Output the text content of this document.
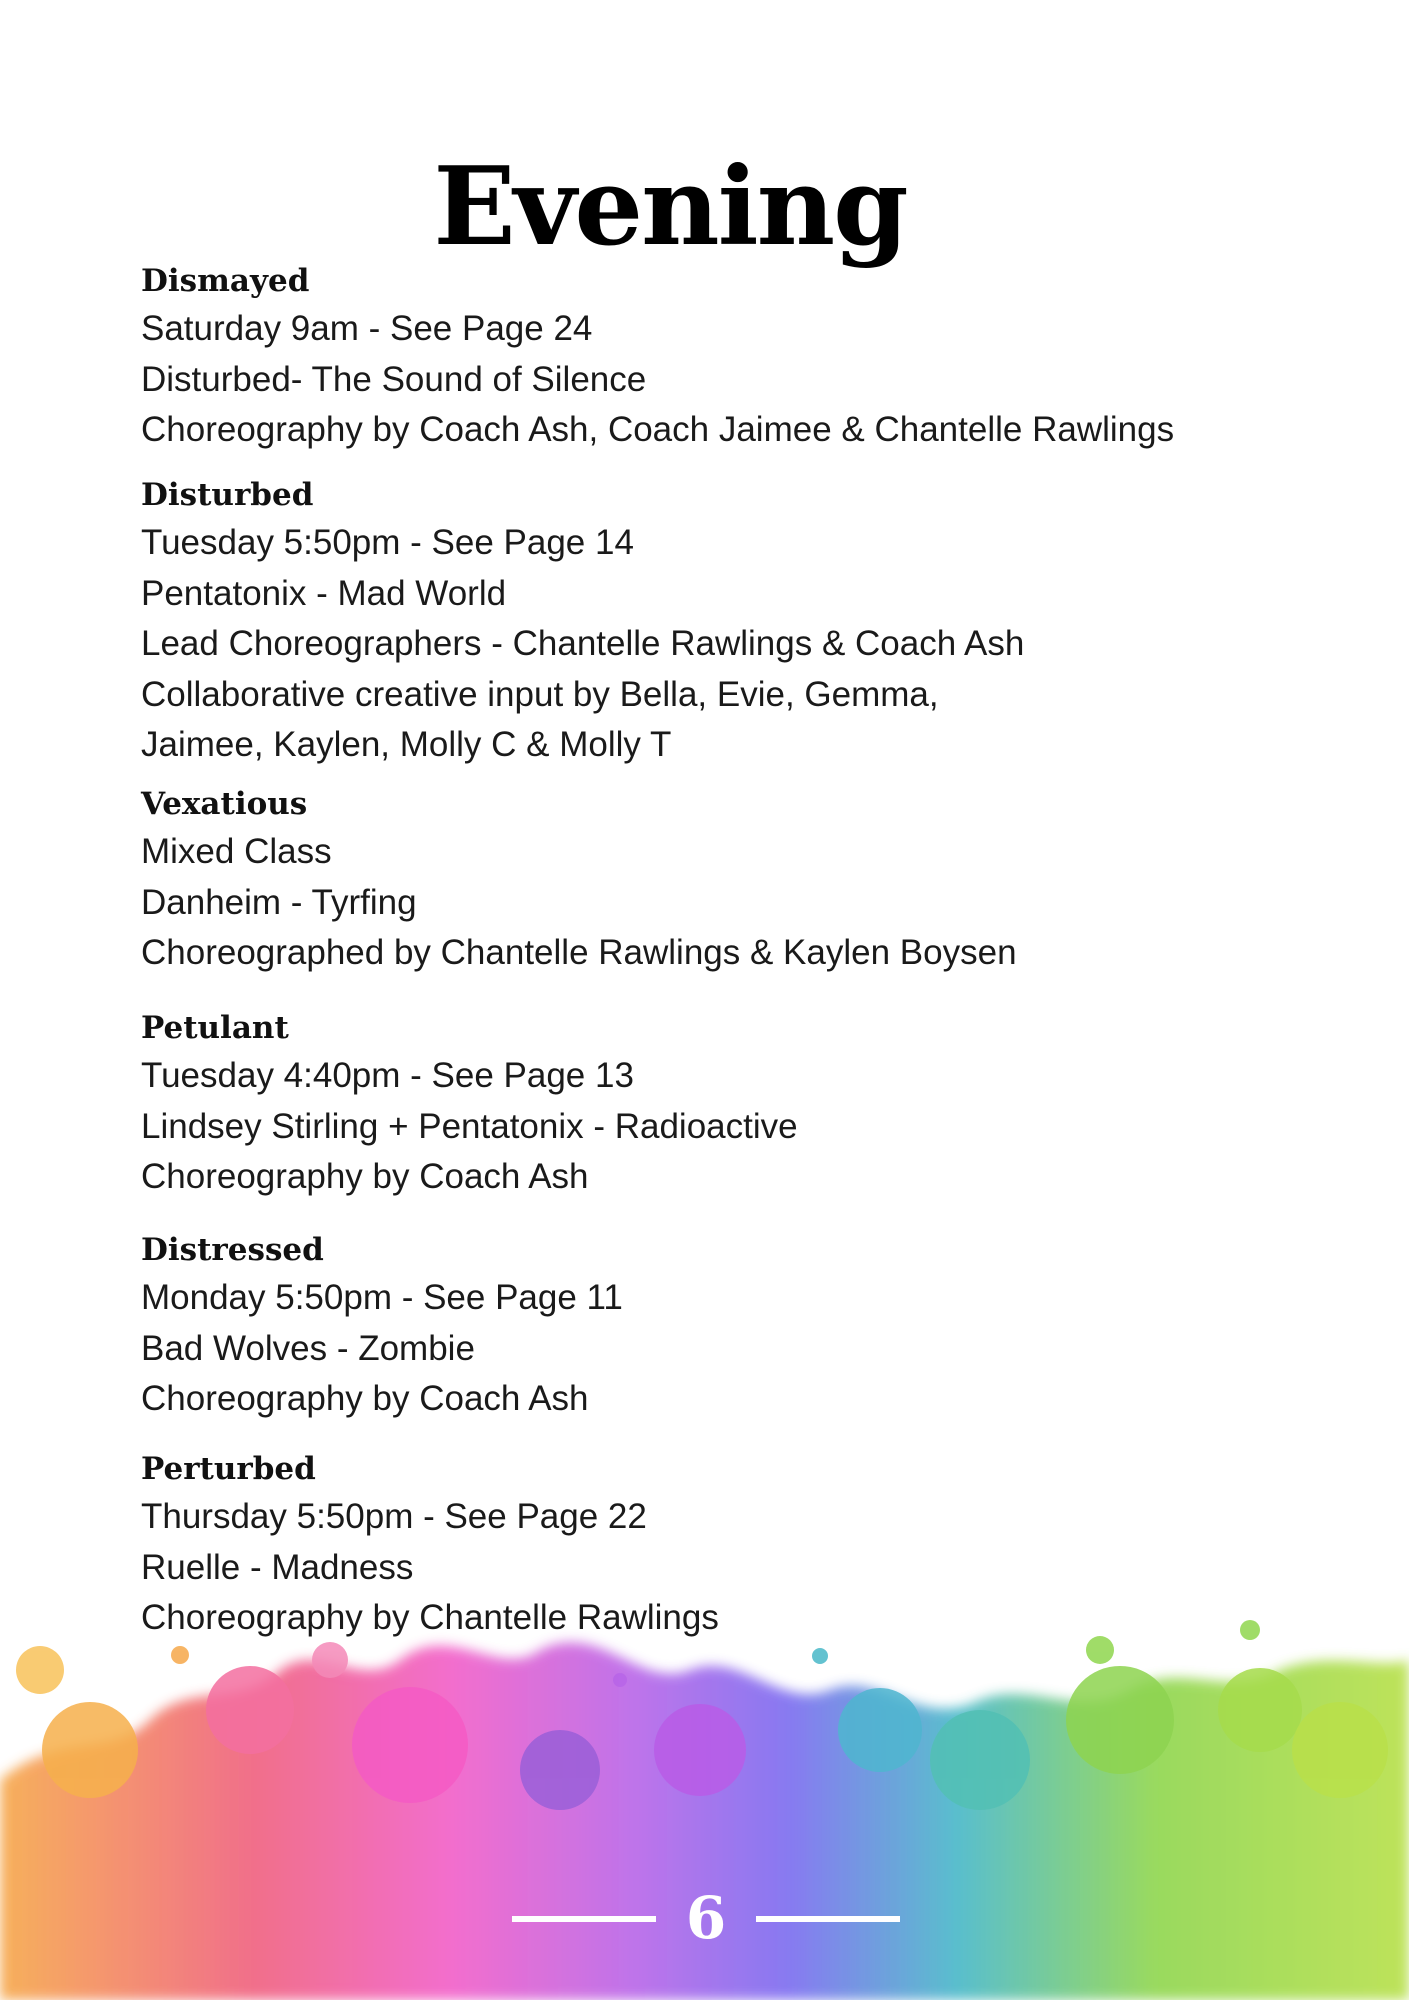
Evening
Dismayed
Saturday 9am - See Page 24
Disturbed- The Sound of Silence
Choreography by Coach Ash, Coach Jaimee & Chantelle Rawlings
Disturbed
Tuesday 5:50pm - See Page 14
Pentatonix - Mad World
Lead Choreographers - Chantelle Rawlings & Coach Ash
Collaborative creative input by Bella, Evie, Gemma,
Jaimee, Kaylen, Molly C & Molly T
Vexatious
Mixed Class
Danheim - Tyrfing
Choreographed by Chantelle Rawlings & Kaylen Boysen
Petulant
Tuesday 4:40pm - See Page 13
Lindsey Stirling + Pentatonix - Radioactive
Choreography by Coach Ash
Distressed
Monday 5:50pm - See Page 11
Bad Wolves - Zombie
Choreography by Coach Ash
Perturbed
Thursday 5:50pm - See Page 22
Ruelle - Madness
Choreography by Chantelle Rawlings
6
